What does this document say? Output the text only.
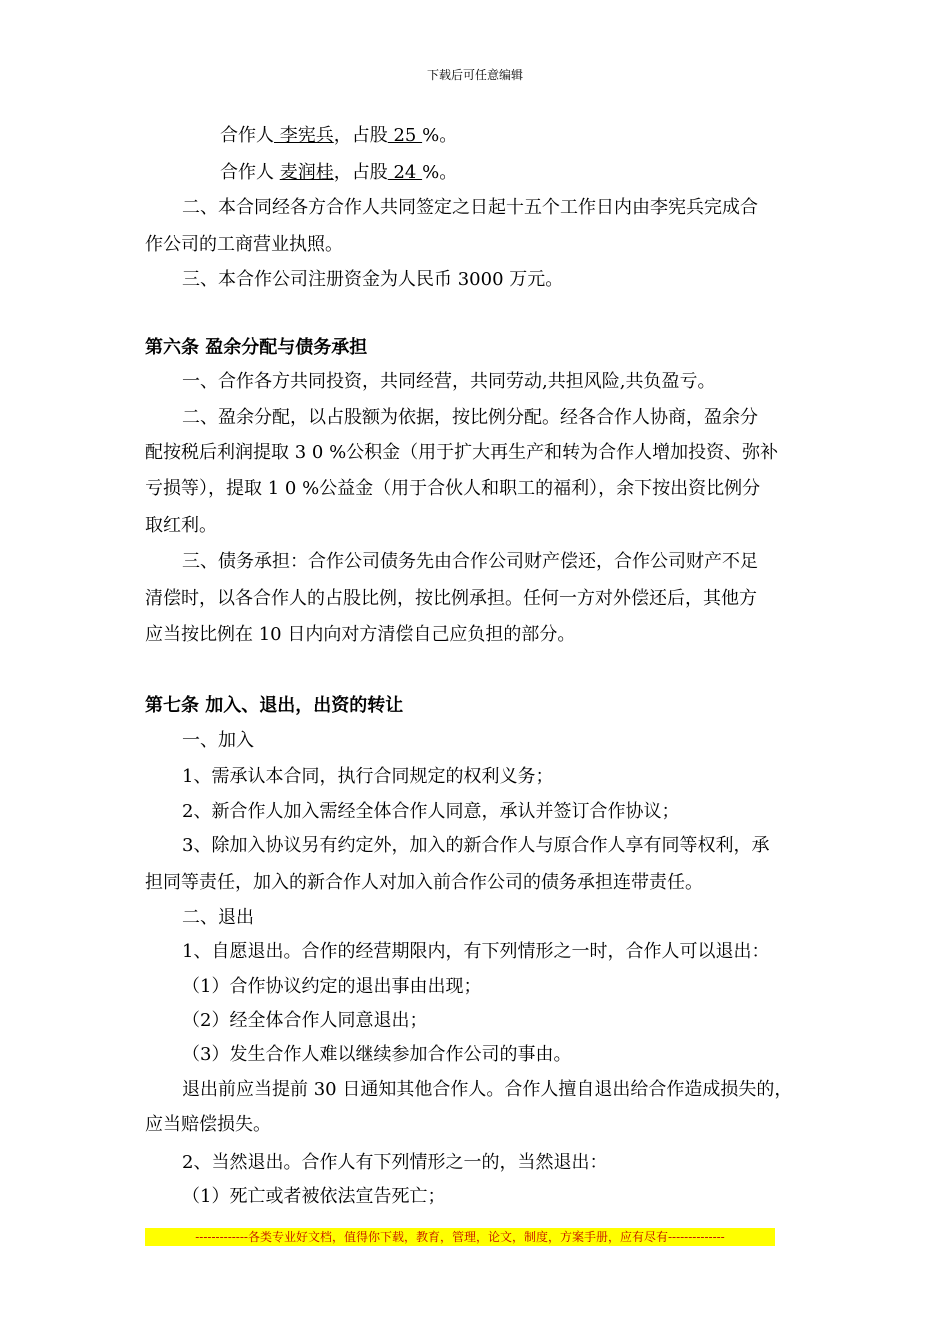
下载后可任意编辑
合作人 李宪兵，占股 25 %。
合作人 麦润桂，占股 24 %。
二、本合同经各方合作人共同签定之日起十五个工作日内由李宪兵完成合
作公司的工商营业执照。
三、本合作公司注册资金为人民币 3000 万元。
第六条 盈余分配与债务承担
一、合作各方共同投资，共同经营，共同劳动,共担风险,共负盈亏。
二、盈余分配，以占股额为依据，按比例分配。经各合作人协商，盈余分
配按税后利润提取 3 0 %公积金（用于扩大再生产和转为合作人增加投资、弥补
亏损等），提取 1 0 %公益金（用于合伙人和职工的福利），余下按出资比例分
取红利。
三、债务承担：合作公司债务先由合作公司财产偿还，合作公司财产不足
清偿时，以各合作人的占股比例，按比例承担。任何一方对外偿还后，其他方
应当按比例在 10 日内向对方清偿自己应负担的部分。
第七条 加入、退出，出资的转让
一、加入
1、需承认本合同，执行合同规定的权利义务；
2、新合作人加入需经全体合作人同意，承认并签订合作协议；
3、除加入协议另有约定外，加入的新合作人与原合作人享有同等权利，承
担同等责任，加入的新合作人对加入前合作公司的债务承担连带责任。
二、退出
1、自愿退出。合作的经营期限内，有下列情形之一时，合作人可以退出：
（1）合作协议约定的退出事由出现；
（2）经全体合作人同意退出；
（3）发生合作人难以继续参加合作公司的事由。
退出前应当提前 30 日通知其他合作人。合作人擅自退出给合作造成损失的，
应当赔偿损失。
2、当然退出。合作人有下列情形之一的，当然退出：
（1）死亡或者被依法宣告死亡；
-------------各类专业好文档，值得你下载，教育，管理，论文，制度，方案手册，应有尽有--------------
